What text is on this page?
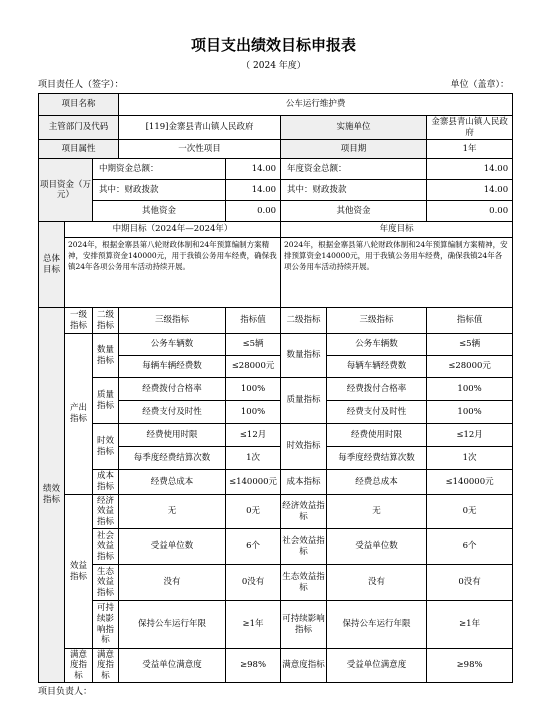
项目支出绩效目标申报表
（ 2024 年度）
项目责任人（签字）：	单位（盖章）：
项目名称			公车运行维护费				
主管部门及代码			[119]金寨县青山镇人民政府		实施单位		金寨县青山镇人民政府
项目属性			一次性项目		项目期		1年
项目资金（万元）		中期资金总额：		14.00	年度资金总额：		14.00
		其中：财政拨款		14.00	其中：财政拨款		14.00
		其他资金		0.00	其他资金		0.00
总体目标	中期目标（2024年—2024年）				年度目标		
	2024年，根据金寨县第八轮财政体制和24年预算编制方案精神，安排预算资金140000元，用于我镇公务用车经费，确保我镇24年各项公务用车活动持续开展。				2024年，根据金寨县第八轮财政体制和24年预算编制方案精神，安排预算资金140000元，用于我镇公务用车经费，确保我镇24年各项公务用车活动持续开展。		
绩效指标	一级指标	二级指标	三级指标	指标值	二级指标	三级指标	指标值
	产出指标	数量指标	公务车辆数	≤5辆	数量指标	公务车辆数	≤5辆
			每辆车辆经费数	≤28000元		每辆车辆经费数	≤28000元
		质量指标	经费拨付合格率	100%	质量指标	经费拨付合格率	100%
			经费支付及时性	100%		经费支付及时性	100%
		时效指标	经费使用时限	≤12月	时效指标	经费使用时限	≤12月
			每季度经费结算次数	1次		每季度经费结算次数	1次
		成本指标	经费总成本	≤140000元	成本指标	经费总成本	≤140000元
	效益指标	经济效益指标	无	0无	经济效益指标	无	0无
		社会效益指标	受益单位数	6个	社会效益指标	受益单位数	6个
		生态效益指标	没有	0没有	生态效益指标	没有	0没有
		可持续影响指标	保持公车运行年限	≥1年	可持续影响指标	保持公车运行年限	≥1年
	满意度指标	满意度指标	受益单位满意度	≥98%	满意度指标	受益单位满意度	≥98%
项目负责人：
